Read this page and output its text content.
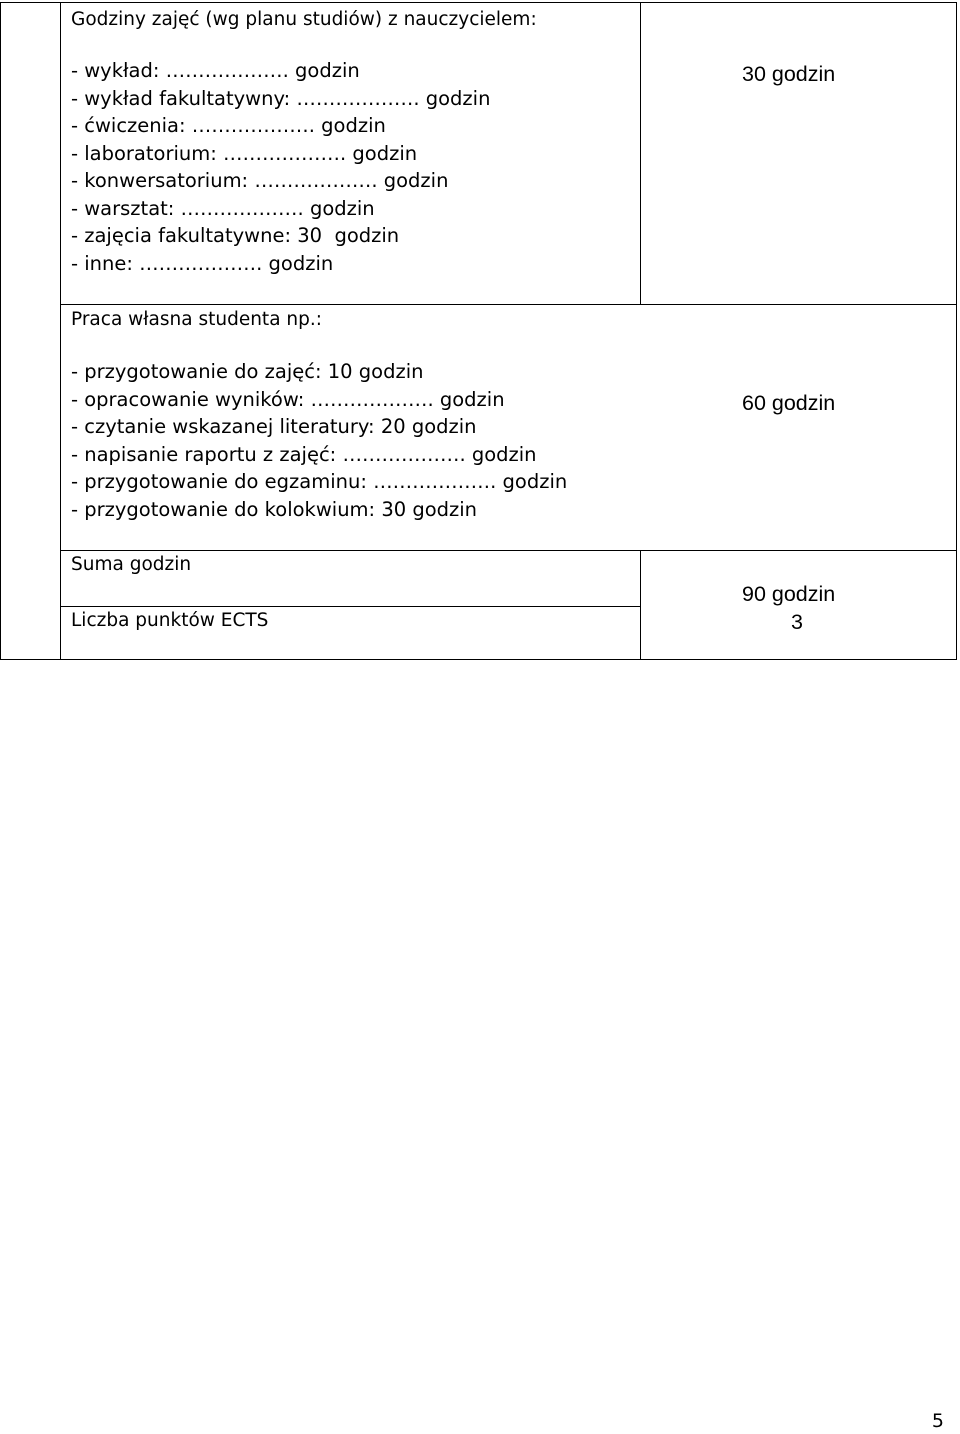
Godziny zajęć (wg planu studiów) z nauczycielem:
- wykład: ………………. godzin
- wykład fakultatywny: ………………. godzin
- ćwiczenia: ………………. godzin
- laboratorium: ………………. godzin
- konwersatorium: ………………. godzin
- warsztat: ………………. godzin
- zajęcia fakultatywne: 30  godzin
- inne: ………………. godzin
30 godzin
Praca własna studenta np.:
- przygotowanie do zajęć: 10 godzin
- opracowanie wyników: ………………. godzin
- czytanie wskazanej literatury: 20 godzin
- napisanie raportu z zajęć: ………………. godzin
- przygotowanie do egzaminu: ………………. godzin
- przygotowanie do kolokwium: 30 godzin
60 godzin
Suma godzin
90 godzin
Liczba punktów ECTS	3
5
